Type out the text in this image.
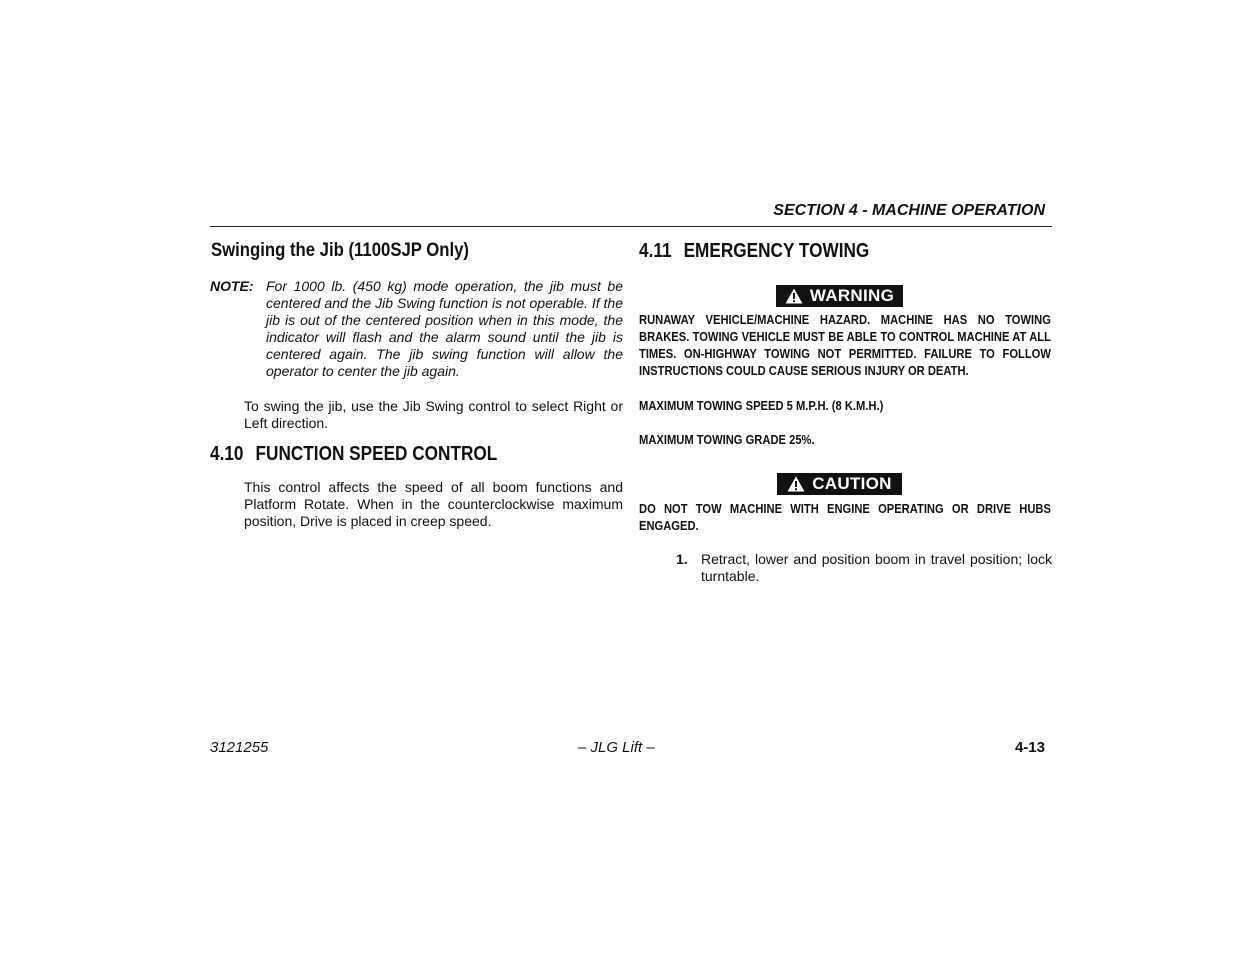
SECTION 4 - MACHINE OPERATION
Swinging the Jib (1100SJP Only)
NOTE: For 1000 lb. (450 kg) mode operation, the jib must be centered and the Jib Swing function is not operable. If the jib is out of the centered position when in this mode, the indicator will flash and the alarm sound until the jib is centered again. The jib swing function will allow the operator to center the jib again.
To swing the jib, use the Jib Swing control to select Right or Left direction.
4.10 FUNCTION SPEED CONTROL
This control affects the speed of all boom functions and Platform Rotate. When in the counterclockwise maximum position, Drive is placed in creep speed.
4.11 EMERGENCY TOWING
WARNING
RUNAWAY VEHICLE/MACHINE HAZARD. MACHINE HAS NO TOWING BRAKES. TOWING VEHICLE MUST BE ABLE TO CONTROL MACHINE AT ALL TIMES. ON-HIGHWAY TOWING NOT PERMITTED. FAILURE TO FOLLOW INSTRUCTIONS COULD CAUSE SERIOUS INJURY OR DEATH.
MAXIMUM TOWING SPEED 5 M.P.H. (8 K.M.H.)
MAXIMUM TOWING GRADE 25%.
CAUTION
DO NOT TOW MACHINE WITH ENGINE OPERATING OR DRIVE HUBS ENGAGED.
1. Retract, lower and position boom in travel position; lock turntable.
3121255	– JLG Lift –	4-13
